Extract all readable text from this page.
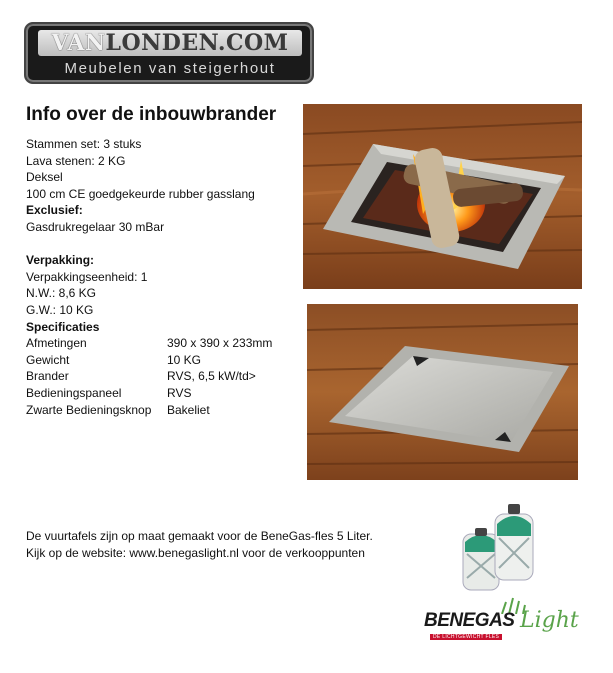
VANLONDEN.COM
Meubelen van steigerhout
Info over de inbouwbrander
Stammen set: 3 stuks
Lava stenen: 2 KG
Deksel
100 cm CE goedgekeurde rubber gasslang
Exclusief:
Gasdrukregelaar 30 mBar
Verpakking:
Verpakkingseenheid: 1
N.W.: 8,6 KG
G.W.: 10 KG
Specificaties
Afmetingen	390 x 390 x 233mm
Gewicht	10 KG
Brander	RVS, 6,5 kW/td>
Bedieningspaneel	RVS
Zwarte Bedieningsknop	Bakeliet
De vuurtafels zijn op maat gemaakt voor de BeneGas-fles 5 Liter.
Kijk op de website: www.benegaslight.nl voor de verkooppunten
BENEGAS Light
DE LICHTGEWICHT FLES
